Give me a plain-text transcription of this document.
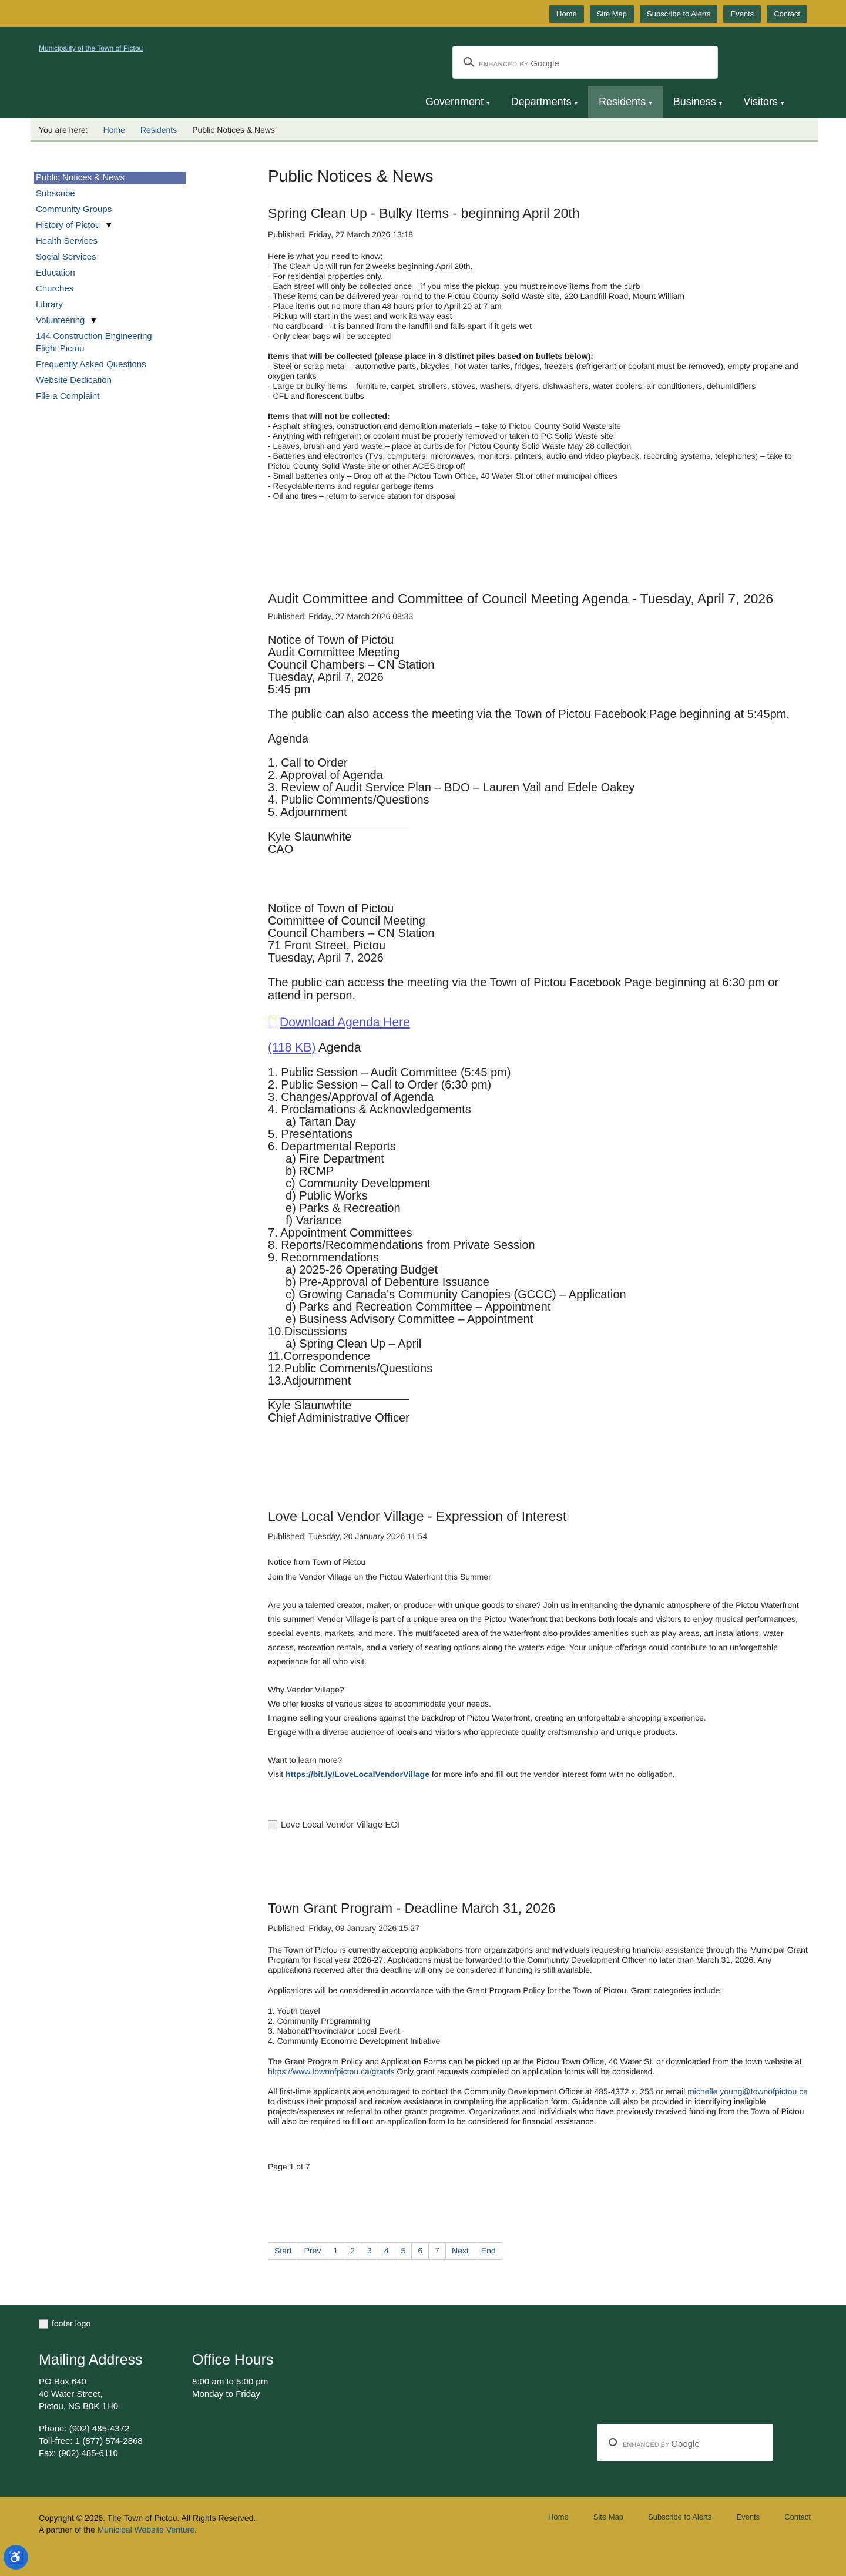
Home	Site Map	Subscribe to Alerts	Events	Contact
Municipality of the Town of Pictou
ENHANCED BY Google
Government ▾	Departments ▾	Residents ▾	Business ▾	Visitors ▾
You are here: Home Residents Public Notices & News
Public Notices & News
Subscribe
Community Groups
History of Pictou ▼
Health Services
Social Services
Education
Churches
Library
Volunteering ▼
144 Construction Engineering Flight Pictou
Frequently Asked Questions
Website Dedication
File a Complaint
Public Notices & News
Spring Clean Up - Bulky Items - beginning April 20th
Published: Friday, 27 March 2026 13:18
Here is what you need to know:
- The Clean Up will run for 2 weeks beginning April 20th.
- For residential properties only.
- Each street will only be collected once – if you miss the pickup, you must remove items from the curb
- These items can be delivered year-round to the Pictou County Solid Waste site, 220 Landfill Road, Mount William
- Place items out no more than 48 hours prior to April 20 at 7 am
- Pickup will start in the west and work its way east
- No cardboard – it is banned from the landfill and falls apart if it gets wet
- Only clear bags will be accepted
Items that will be collected (please place in 3 distinct piles based on bullets below):
- Steel or scrap metal – automotive parts, bicycles, hot water tanks, fridges, freezers (refrigerant or coolant must be removed), empty propane and oxygen tanks
- Large or bulky items – furniture, carpet, strollers, stoves, washers, dryers, dishwashers, water coolers, air conditioners, dehumidifiers
- CFL and florescent bulbs
Items that will not be collected:
- Asphalt shingles, construction and demolition materials – take to Pictou County Solid Waste site
- Anything with refrigerant or coolant must be properly removed or taken to PC Solid Waste site
- Leaves, brush and yard waste – place at curbside for Pictou County Solid Waste May 28 collection
- Batteries and electronics (TVs, computers, microwaves, monitors, printers, audio and video playback, recording systems, telephones) – take to Pictou County Solid Waste site or other ACES drop off
- Small batteries only – Drop off at the Pictou Town Office, 40 Water St.or other municipal offices
- Recyclable items and regular garbage items
- Oil and tires – return to service station for disposal
Audit Committee and Committee of Council Meeting Agenda - Tuesday, April 7, 2026
Published: Friday, 27 March 2026 08:33
Notice of Town of Pictou
Audit Committee Meeting
Council Chambers – CN Station
Tuesday, April 7, 2026
5:45 pm
The public can also access the meeting via the Town of Pictou Facebook Page beginning at 5:45pm.
Agenda
1. Call to Order
2. Approval of Agenda
3. Review of Audit Service Plan – BDO – Lauren Vail and Edele Oakey
4. Public Comments/Questions
5. Adjournment
Kyle Slaunwhite
CAO
Notice of Town of Pictou
Committee of Council Meeting
Council Chambers – CN Station
71 Front Street, Pictou
Tuesday, April 7, 2026
The public can access the meeting via the Town of Pictou Facebook Page beginning at 6:30 pm or attend in person.
Download Agenda Here
(118 KB) Agenda
1. Public Session – Audit Committee (5:45 pm)
2. Public Session – Call to Order (6:30 pm)
3. Changes/Approval of Agenda
4. Proclamations & Acknowledgements
a) Tartan Day
5. Presentations
6. Departmental Reports
a) Fire Department
b) RCMP
c) Community Development
d) Public Works
e) Parks & Recreation
f) Variance
7. Appointment Committees
8. Reports/Recommendations from Private Session
9. Recommendations
a) 2025-26 Operating Budget
b) Pre-Approval of Debenture Issuance
c) Growing Canada's Community Canopies (GCCC) – Application
d) Parks and Recreation Committee – Appointment
e) Business Advisory Committee – Appointment
10.Discussions
a) Spring Clean Up – April
11.Correspondence
12.Public Comments/Questions
13.Adjournment
Kyle Slaunwhite
Chief Administrative Officer
Love Local Vendor Village - Expression of Interest
Published: Tuesday, 20 January 2026 11:54
Notice from Town of Pictou
Join the Vendor Village on the Pictou Waterfront this Summer
Are you a talented creator, maker, or producer with unique goods to share? Join us in enhancing the dynamic atmosphere of the Pictou Waterfront this summer! Vendor Village is part of a unique area on the Pictou Waterfront that beckons both locals and visitors to enjoy musical performances, special events, markets, and more. This multifaceted area of the waterfront also provides amenities such as play areas, art installations, water access, recreation rentals, and a variety of seating options along the water's edge. Your unique offerings could contribute to an unforgettable experience for all who visit.
Why Vendor Village?
We offer kiosks of various sizes to accommodate your needs.
Imagine selling your creations against the backdrop of Pictou Waterfront, creating an unforgettable shopping experience.
Engage with a diverse audience of locals and visitors who appreciate quality craftsmanship and unique products.
Want to learn more?
Visit https://bit.ly/LoveLocalVendorVillage for more info and fill out the vendor interest form with no obligation.
Love Local Vendor Village EOI
Town Grant Program - Deadline March 31, 2026
Published: Friday, 09 January 2026 15:27
The Town of Pictou is currently accepting applications from organizations and individuals requesting financial assistance through the Municipal Grant Program for fiscal year 2026-27. Applications must be forwarded to the Community Development Officer no later than March 31, 2026. Any applications received after this deadline will only be considered if funding is still available.
Applications will be considered in accordance with the Grant Program Policy for the Town of Pictou. Grant categories include:
1. Youth travel
2. Community Programming
3. National/Provincial/or Local Event
4. Community Economic Development Initiative
The Grant Program Policy and Application Forms can be picked up at the Pictou Town Office, 40 Water St. or downloaded from the town website at https://www.townofpictou.ca/grants Only grant requests completed on application forms will be considered.
All first-time applicants are encouraged to contact the Community Development Officer at 485-4372 x. 255 or email michelle.young@townofpictou.ca to discuss their proposal and receive assistance in completing the application form. Guidance will also be provided in identifying ineligible projects/expenses or referral to other grants programs. Organizations and individuals who have previously received funding from the Town of Pictou will also be required to fill out an application form to be considered for financial assistance.
Page 1 of 7
Start	Prev	1	2	3	4	5	6	7	Next	End
footer logo
Mailing Address
PO Box 640
40 Water Street,
Pictou, NS B0K 1H0
Phone: (902) 485-4372
Toll-free: 1 (877) 574-2868
Fax: (902) 485-6110
Office Hours
8:00 am to 5:00 pm
Monday to Friday
ENHANCED BY Google
Copyright © 2026. The Town of Pictou. All Rights Reserved.
A partner of the Municipal Website Venture.
Home	Site Map	Subscribe to Alerts	Events	Contact
♿
